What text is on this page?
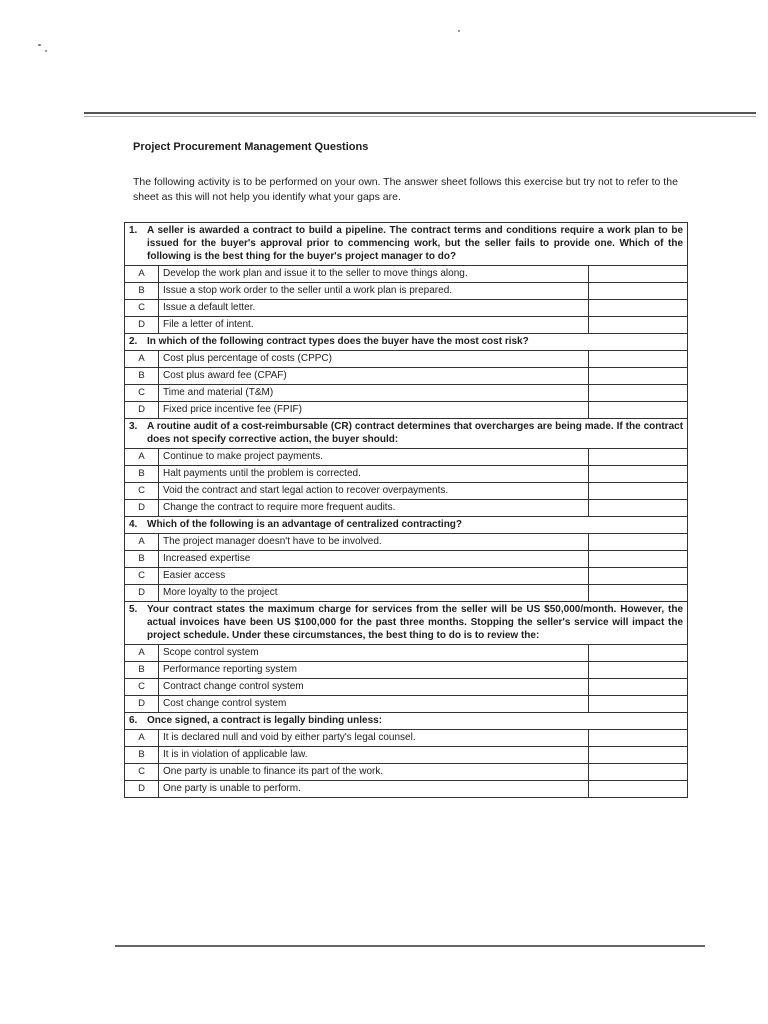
Project Procurement Management Questions

The following activity is to be performed on your own. The answer sheet follows this exercise but try not to refer to the sheet as this will not help you identify what your gaps are.

1. A seller is awarded a contract to build a pipeline. The contract terms and conditions require a work plan to be issued for the buyer's approval prior to commencing work, but the seller fails to provide one. Which of the following is the best thing for the buyer's project manager to do?		

A	Develop the work plan and issue it to the seller to move things along.	
B	Issue a stop work order to the seller until a work plan is prepared.	
C	Issue a default letter.	
D	File a letter of intent.	

2. In which of the following contract types does the buyer have the most cost risk?		

A	Cost plus percentage of costs (CPPC)	
B	Cost plus award fee (CPAF)	
C	Time and material (T&M)	
D	Fixed price incentive fee (FPIF)	

3. A routine audit of a cost-reimbursable (CR) contract determines that overcharges are being made. If the contract does not specify corrective action, the buyer should:		

A	Continue to make project payments.	
B	Halt payments until the problem is corrected.	
C	Void the contract and start legal action to recover overpayments.	
D	Change the contract to require more frequent audits.	

4. Which of the following is an advantage of centralized contracting?		

A	The project manager doesn't have to be involved.	
B	Increased expertise	
C	Easier access	
D	More loyalty to the project	

5. Your contract states the maximum charge for services from the seller will be US $50,000/month. However, the actual invoices have been US $100,000 for the past three months. Stopping the seller's service will impact the project schedule. Under these circumstances, the best thing to do is to review the:		

A	Scope control system	
B	Performance reporting system	
C	Contract change control system	
D	Cost change control system	

6. Once signed, a contract is legally binding unless:		

A	It is declared null and void by either party's legal counsel.	
B	It is in violation of applicable law.	
C	One party is unable to finance its part of the work.	
D	One party is unable to perform.	
